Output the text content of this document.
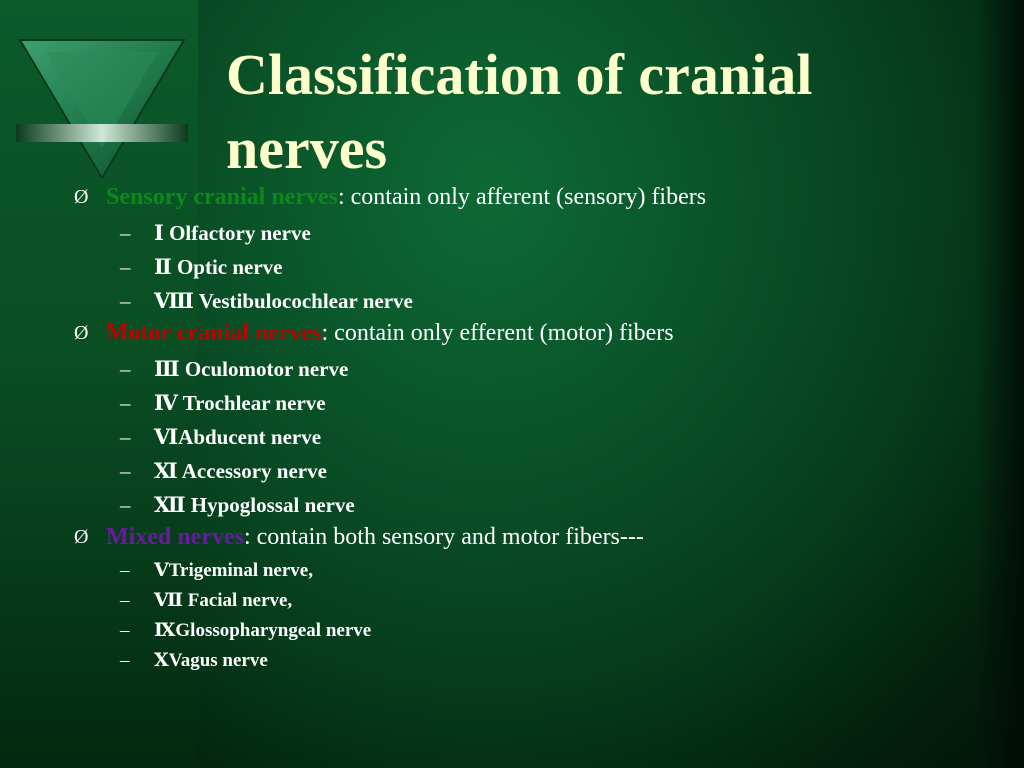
Classification of cranial nerves
Ø Sensory cranial nerves: contain only afferent (sensory) fibers
– Ⅰ Olfactory nerve
– Ⅱ Optic nerve
– Ⅷ Vestibulocochlear nerve
Ø Motor cranial nerves: contain only efferent (motor) fibers
– Ⅲ Oculomotor nerve
– Ⅳ Trochlear nerve
– ⅥAbducent nerve
– Ⅺ Accessory nerve
– Ⅻ Hypoglossal nerve
Ø Mixed nerves: contain both sensory and motor fibers---
– ⅤTrigeminal nerve,
– Ⅶ Facial nerve,
– ⅨGlossopharyngeal nerve
– ⅩVagus nerve
